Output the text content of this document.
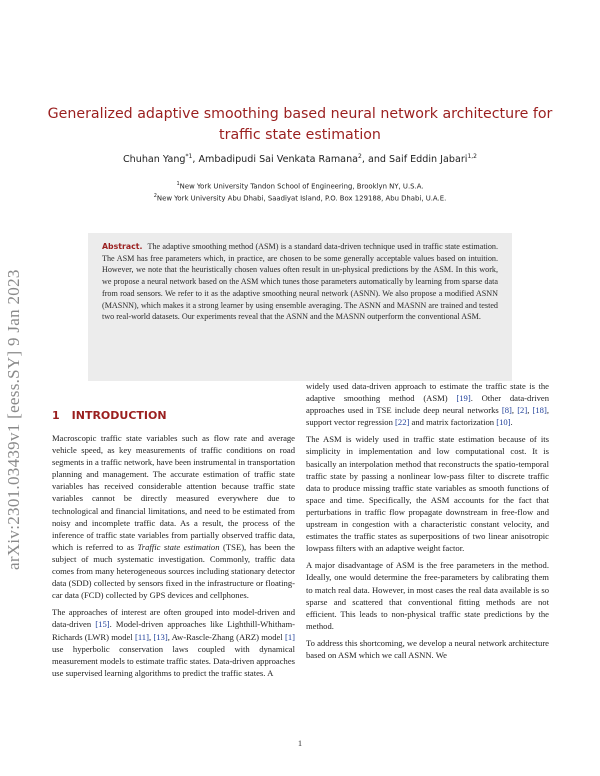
arXiv:2301.03439v1 [eess.SY] 9 Jan 2023
Generalized adaptive smoothing based neural network architecture for traffic state estimation
Chuhan Yang$^{*1}$, Ambadipudi Sai Venkata Ramana$^2$, and Saif Eddin Jabari$^{1,2}$
$^1$New York University Tandon School of Engineering, Brooklyn NY, U.S.A.
$^2$New York University Abu Dhabi, Saadiyat Island, P.O. Box 129188, Abu Dhabi, U.A.E.
Abstract. The adaptive smoothing method (ASM) is a standard data-driven technique used in traffic state estimation. The ASM has free parameters which, in practice, are chosen to be some generally acceptable values based on intuition. However, we note that the heuristically chosen values often result in un-physical predictions by the ASM. In this work, we propose a neural network based on the ASM which tunes those parameters automatically by learning from sparse data from road sensors. We refer to it as the adaptive smoothing neural network (ASNN). We also propose a modified ASNN (MASNN), which makes it a strong learner by using ensemble averaging. The ASNN and MASNN are trained and tested two real-world datasets. Our experiments reveal that the ASNN and the MASNN outperform the conventional ASM.
1 INTRODUCTION

Macroscopic traffic state variables such as flow rate and average vehicle speed, as key measurements of traffic conditions on road segments in a traffic network, have been instrumental in transportation planning and management. The accurate estimation of traffic state variables has received considerable attention because traffic state variables cannot be directly measured everywhere due to technological and financial limitations, and need to be estimated from noisy and incomplete traffic data. As a result, the process of the inference of traffic state variables from partially observed traffic data, which is referred to as Traffic state estimation (TSE), has been the subject of much systematic investigation. Commonly, traffic data comes from many heterogeneous sources including stationary detector data (SDD) collected by sensors fixed in the infrastructure or floating-car data (FCD) collected by GPS devices and cellphones.

The approaches of interest are often grouped into model-driven and data-driven [15]. Model-driven approaches like Lighthill-Whitham-Richards (LWR) model [11], [13], Aw-Rascle-Zhang (ARZ) model [1] use hyperbolic conservation laws coupled with dynamical measurement models to estimate traffic states. Data-driven approaches use supervised learning algorithms to predict the traffic states. A

widely used data-driven approach to estimate the traffic state is the adaptive smoothing method (ASM) [19]. Other data-driven approaches used in TSE include deep neural networks [8], [2], [18], support vector regression [22] and matrix factorization [10].

The ASM is widely used in traffic state estimation because of its simplicity in implementation and low computational cost. It is basically an interpolation method that reconstructs the spatio-temporal traffic state by passing a nonlinear low-pass filter to discrete traffic data to produce missing traffic state variables as smooth functions of space and time. Specifically, the ASM accounts for the fact that perturbations in traffic flow propagate downstream in free-flow and upstream in congestion with a characteristic constant velocity, and estimates the traffic states as superpositions of two linear anisotropic lowpass filters with an adaptive weight factor.

A major disadvantage of ASM is the free parameters in the method. Ideally, one would determine the free-parameters by calibrating them to match real data. However, in most cases the real data available is so sparse and scattered that conventional fitting methods are not efficient. This leads to non-physical traffic state predictions by the method.

To address this shortcoming, we develop a neural network architecture based on ASM which we call ASNN. We

1
